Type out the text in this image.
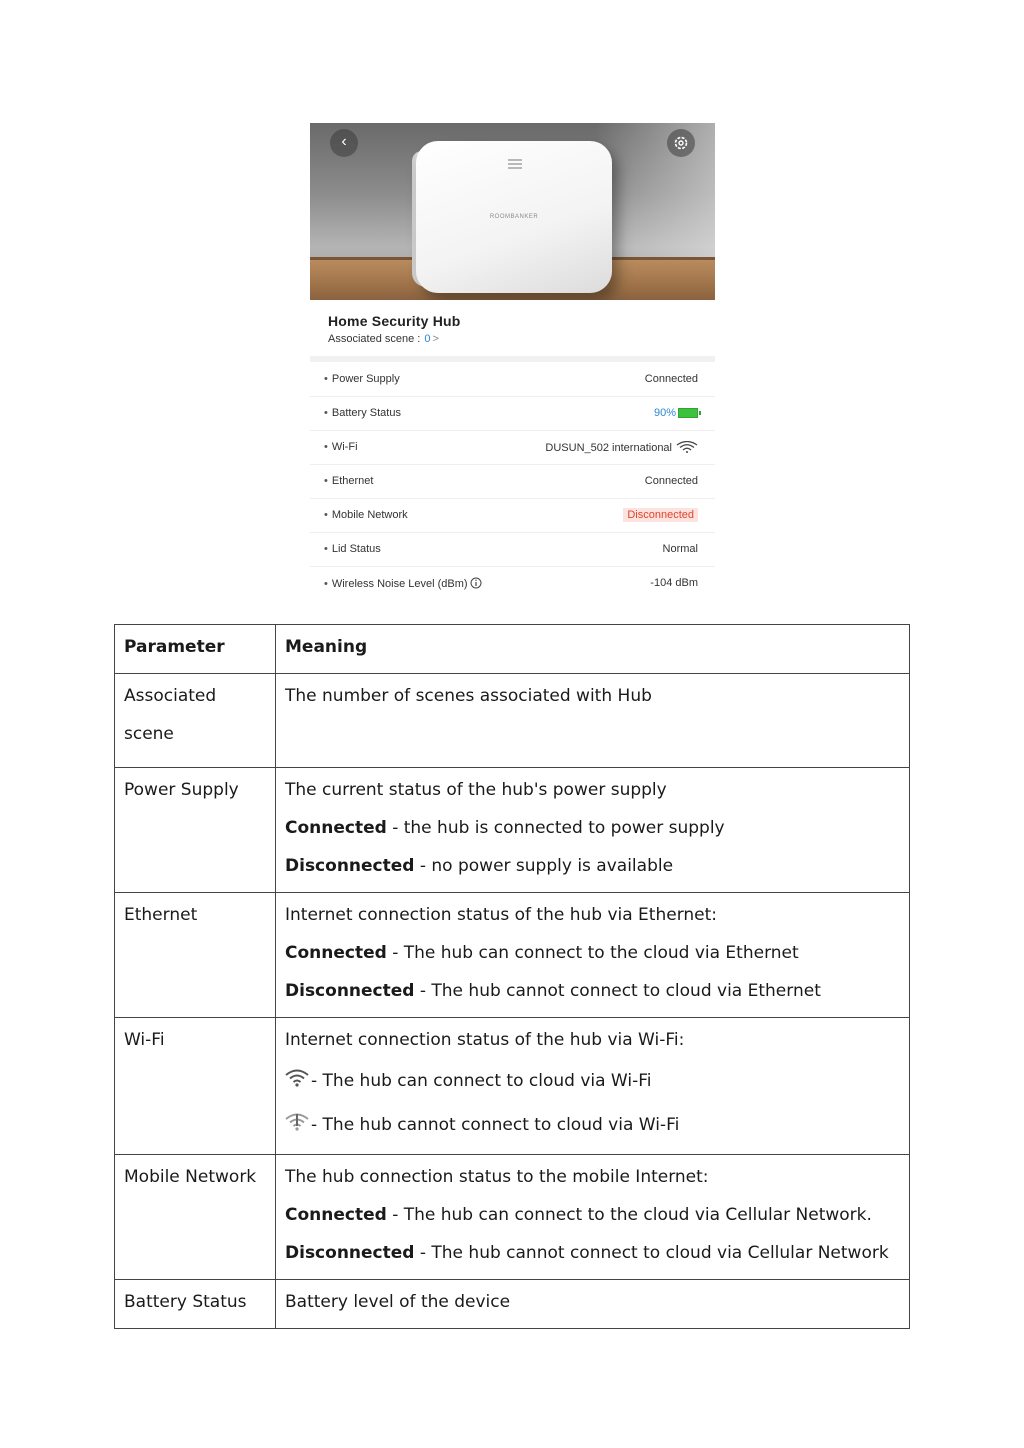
ROOMBANKER
‹
Home Security Hub
Associated scene : 0 >
• Power Supply	Connected
• Battery Status	90%
• Wi-Fi	DUSUN_502 international
• Ethernet	Connected
• Mobile Network	Disconnected
• Lid Status	Normal
• Wireless Noise Level (dBm)	-104 dBm
Parameter	Meaning
Associated scene	The number of scenes associated with Hub

Power Supply	The current status of the hub's power supply
Connected - the hub is connected to power supply
Disconnected - no power supply is available

Ethernet	Internet connection status of the hub via Ethernet:
Connected - The hub can connect to the cloud via Ethernet
Disconnected - The hub cannot connect to cloud via Ethernet

Wi-Fi	Internet connection status of the hub via Wi-Fi:
- The hub can connect to cloud via Wi-Fi
- The hub cannot connect to cloud via Wi-Fi

Mobile Network	The hub connection status to the mobile Internet:
Connected - The hub can connect to the cloud via Cellular Network.
Disconnected - The hub cannot connect to cloud via Cellular Network

Battery Status	Battery level of the device
